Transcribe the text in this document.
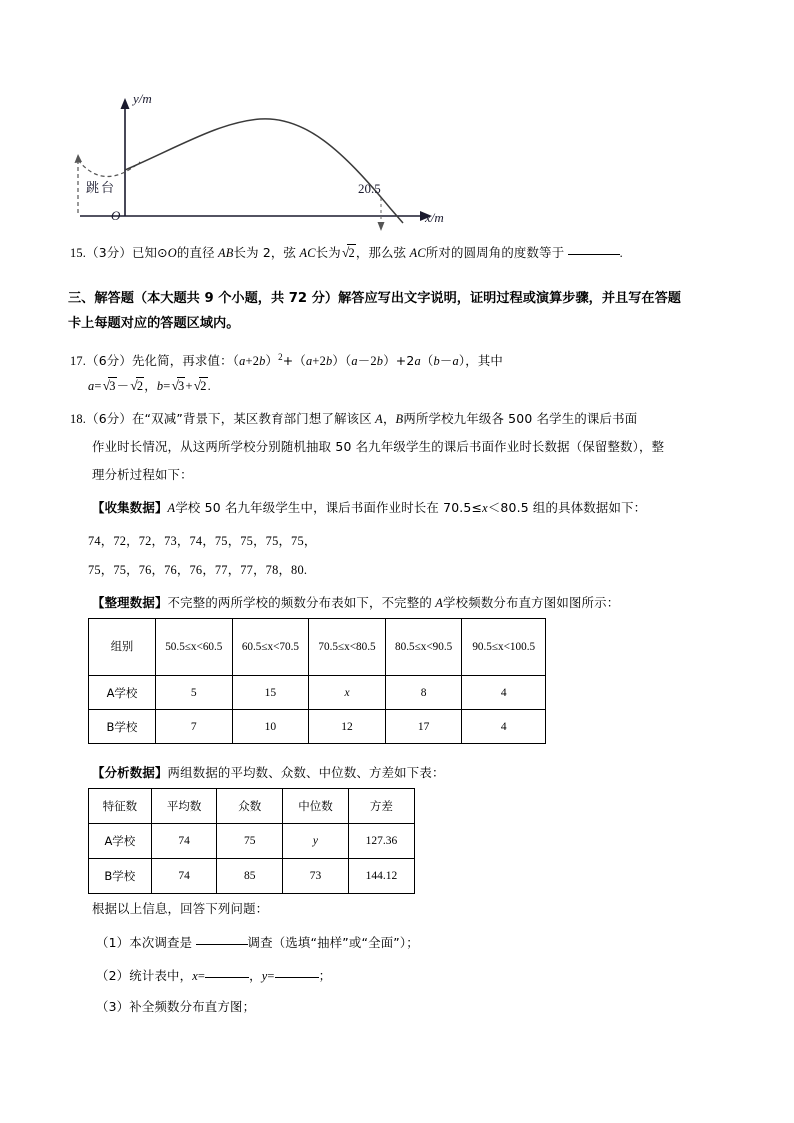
y/m
x/m
O
跳台	20.5
15.（3分）已知⊙O的直径 AB长为 2，弦 AC长为√2，那么弦 AC所对的圆周角的度数等于	.
三、解答题（本大题共 9 个小题，共 72 分）解答应写出文字说明，证明过程或演算步骤，并且写在答题
卡上每题对应的答题区域内。
17.（6分）先化简，再求值：$(a+2b)^2+(a+2b)(a-2b)+2a(b-a)$，其中
a=√3－√2，b=√3+√2.
18.（6分）在“双减”背景下，某区教育部门想了解该区 A，B两所学校九年级各 500 名学生的课后书面
作业时长情况，从这两所学校分别随机抽取 50 名九年级学生的课后书面作业时长数据（保留整数），整
理分析过程如下：
【收集数据】A学校 50 名九年级学生中，课后书面作业时长在 70.5≤x＜80.5 组的具体数据如下：
74，72，72，73，74，75，75，75，75，
75，75，76，76，76，77，77，78，80.
【整理数据】不完整的两所学校的频数分布表如下，不完整的 A学校频数分布直方图如图所示：
组别	50.5≤x<60.5	60.5≤x<70.5	70.5≤x<80.5	80.5≤x<90.5	90.5≤x<100.5
A学校	5	15	x	8	4
B学校	7	10	12	17	4
【分析数据】两组数据的平均数、众数、中位数、方差如下表：
特征数	平均数	众数	中位数	方差
A学校	74	75	y	127.36
B学校	74	85	73	144.12
根据以上信息，回答下列问题：
（1）本次调查是	调查（选填“抽样”或“全面”）；
（2）统计表中，x=	，y=	；
（3）补全频数分布直方图；
